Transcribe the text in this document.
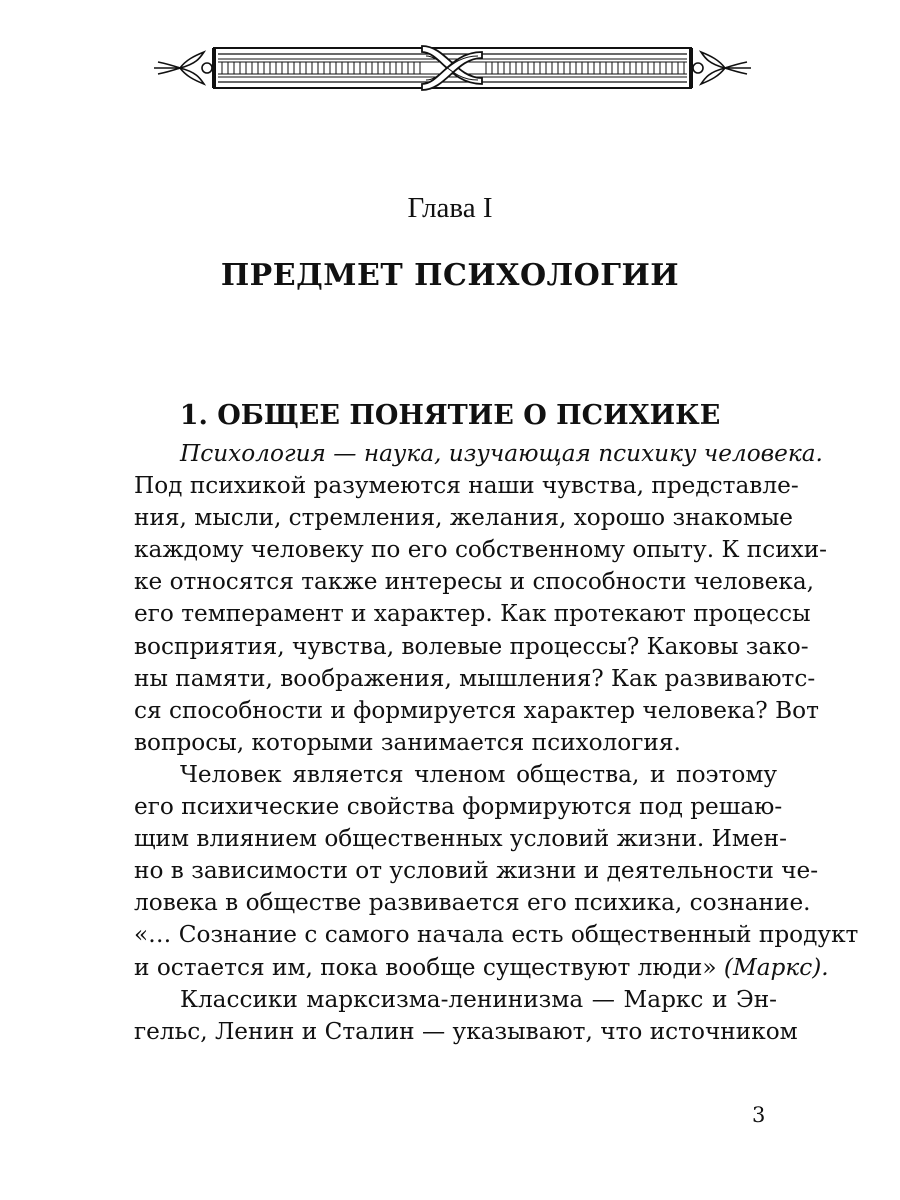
Глава I
ПРЕДМЕТ ПСИХОЛОГИИ
1. ОБЩЕЕ ПОНЯТИЕ О ПСИХИКЕ
Психология — наука, изучающая психику человека.
Под психикой разумеются наши чувства, представле-
ния, мысли, стремления, желания, хорошо знакомые
каждому человеку по его собственному опыту. К психи-
ке относятся также интересы и способности человека,
его темперамент и характер. Как протекают процессы
восприятия, чувства, волевые процессы? Каковы зако-
ны памяти, воображения, мышления? Как развиваютс-
ся способности и формируется характер человека? Вот
вопросы, которыми занимается психология.
Человек является членом общества, и поэтому
его психические свойства формируются под решаю-
щим влиянием общественных условий жизни. Имен-
но в зависимости от условий жизни и деятельности че-
ловека в обществе развивается его психика, сознание.
«… Сознание с самого начала есть общественный продукт
и остается им, пока вообще существуют люди» (Маркс).
Классики марксизма-ленинизма — Маркс и Эн-
гельс, Ленин и Сталин — указывают, что источником
3
